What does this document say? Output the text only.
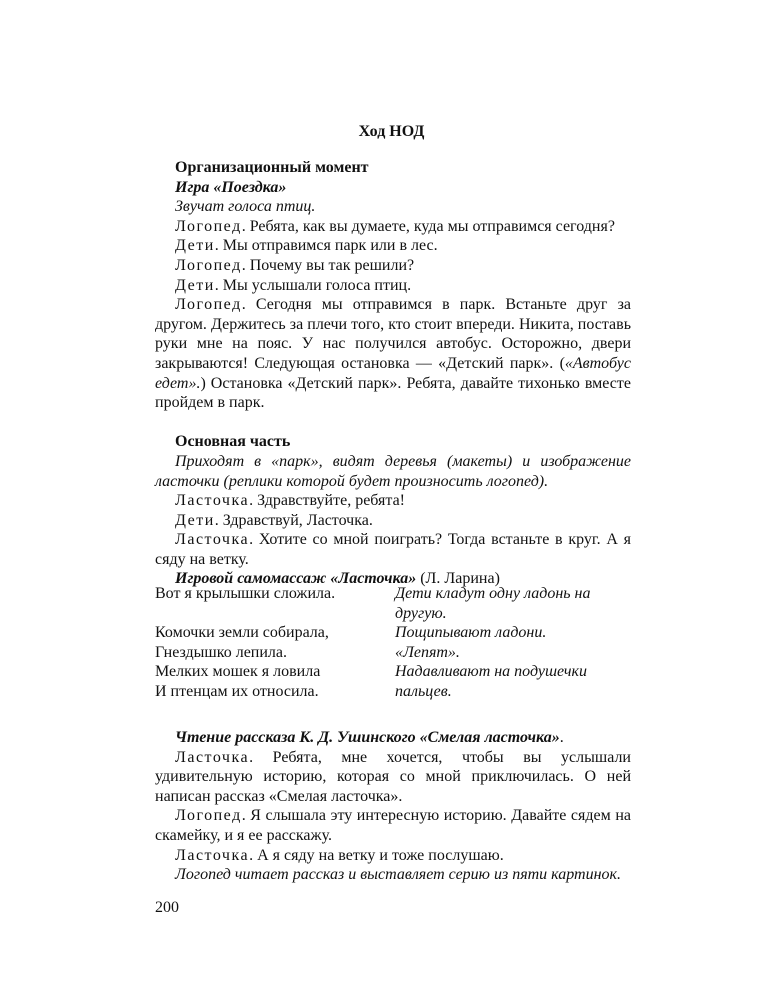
Ход НОД

Организационный момент

Игра «Поездка»

Звучат голоса птиц.

Логопед. Ребята, как вы думаете, куда мы отправимся сегодня?

Дети. Мы отправимся парк или в лес.

Логопед. Почему вы так решили?

Дети. Мы услышали голоса птиц.

Логопед. Сегодня мы отправимся в парк. Встаньте друг за другом. Держитесь за плечи того, кто стоит впереди. Никита, поставь руки мне на пояс. У нас получился автобус. Осторожно, двери закрываются! Следующая остановка — «Детский парк». («Автобус едет».) Остановка «Детский парк». Ребята, давайте тихонько вместе пройдем в парк.

Основная часть

Приходят в «парк», видят деревья (макеты) и изображение ласточки (реплики которой будет произносить логопед).

Ласточка. Здравствуйте, ребята!

Дети. Здравствуй, Ласточка.

Ласточка. Хотите со мной поиграть? Тогда встаньте в круг. А я сяду на ветку.

Игровой самомассаж «Ласточка» (Л. Ларина)

Вот я крылышки сложила.	Дети кладут одну ладонь на другую.
Комочки земли собирала,	Пощипывают ладони.
Гнездышко лепила.	«Лепят».
Мелких мошек я ловила	Надавливают на подушечки
И птенцам их относила.	пальцев.

Чтение рассказа К. Д. Ушинского «Смелая ласточка».

Ласточка. Ребята, мне хочется, чтобы вы услышали удивительную историю, которая со мной приключилась. О ней написан рассказ «Смелая ласточка».

Логопед. Я слышала эту интересную историю. Давайте сядем на скамейку, и я ее расскажу.

Ласточка. А я сяду на ветку и тоже послушаю.

Логопед читает рассказ и выставляет серию из пяти картинок.

200
